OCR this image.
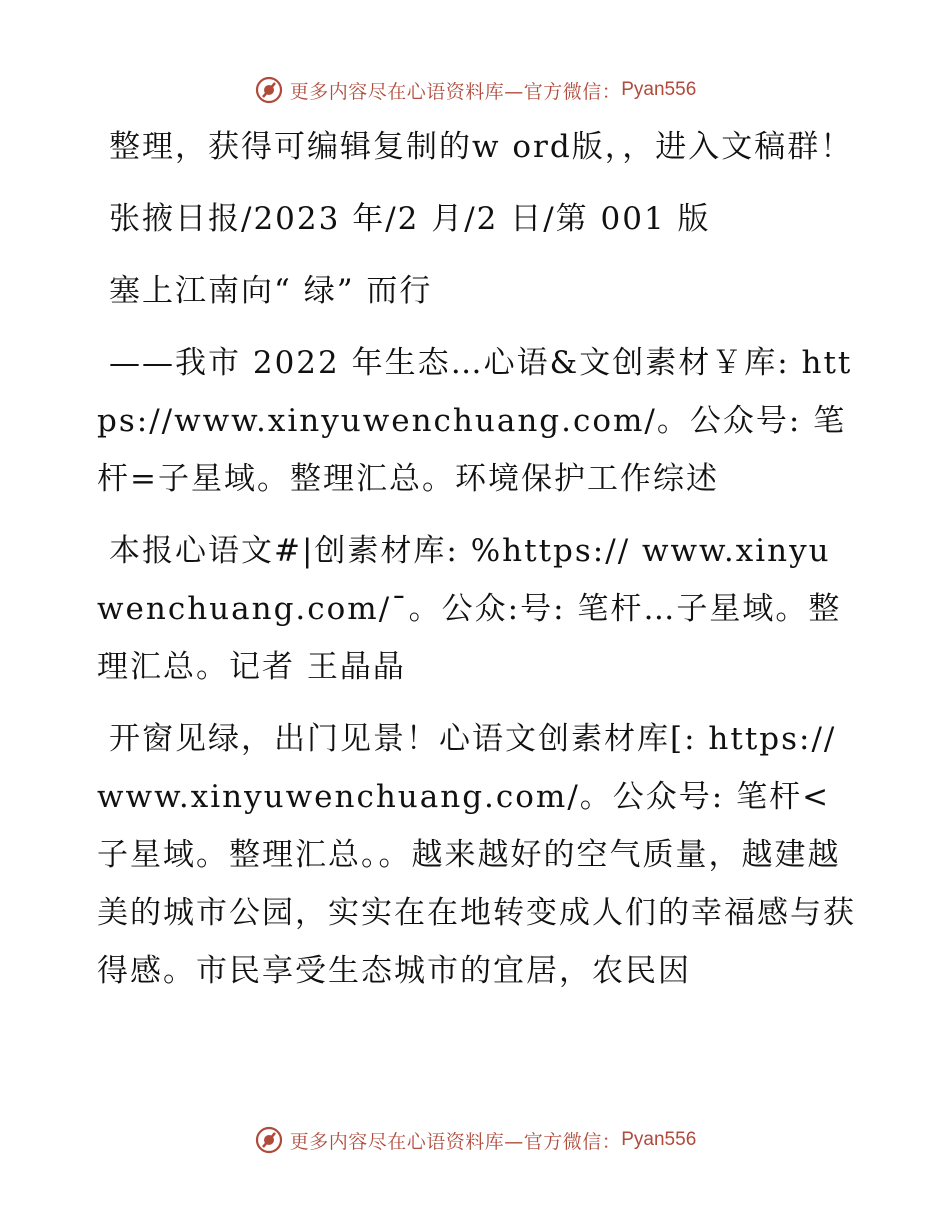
更多内容尽在心语资料库—官方微信： Pyan556

整理，获得可编辑复制的w ord版，，进入文稿群！

张掖日报/2023 年/2 月/2 日/第 001 版

塞上江南向“ 绿” 而行

——我市 2022 年生态…心语&文创素材￥库: https://www.xinyuwenchuang.com/。公众号: 笔杆=子星域。整理汇总。环境保护工作综述

本报心语文#|创素材库: %https:// www.xinyuwenchuang.com/¯。公众:号: 笔杆…子星域。整理汇总。记者 王晶晶

开窗见绿，出门见景！心语文创素材库[: https://www.xinyuwenchuang.com/。公众号: 笔杆<子星域。整理汇总。。越来越好的空气质量，越建越美的城市公园，实实在在地转变成人们的幸福感与获得感。市民享受生态城市的宜居，农民因

更多内容尽在心语资料库—官方微信： Pyan556
